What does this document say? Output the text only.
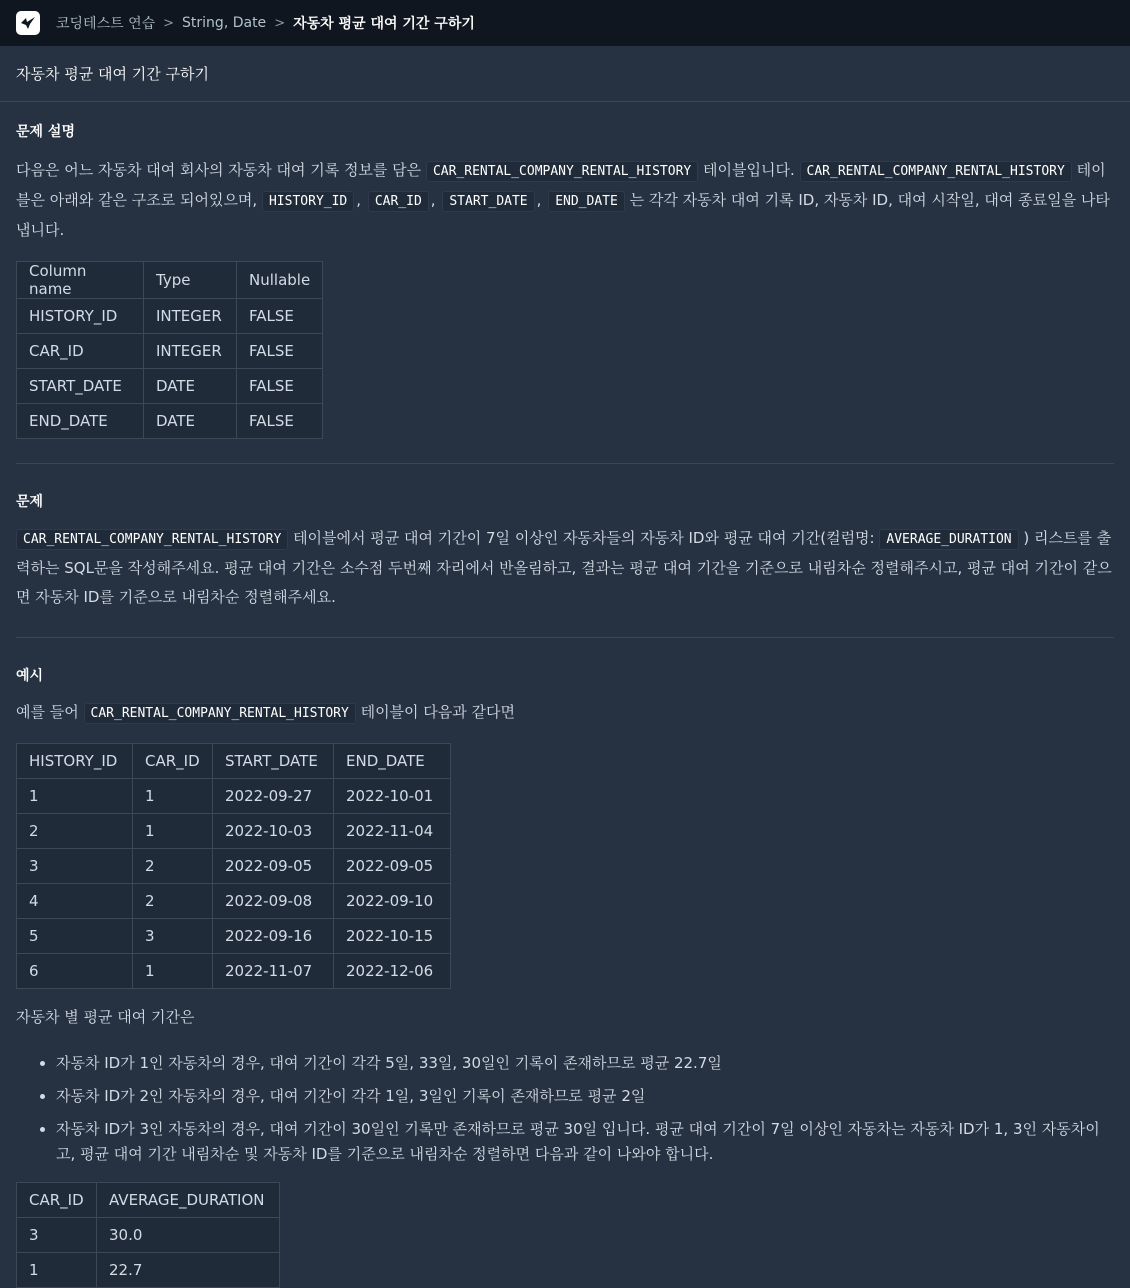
코딩테스트 연습 > String, Date > 자동차 평균 대여 기간 구하기
자동차 평균 대여 기간 구하기
문제 설명

다음은 어느 자동차 대여 회사의 자동차 대여 기록 정보를 담은 CAR_RENTAL_COMPANY_RENTAL_HISTORY 테이블입니다. CAR_RENTAL_COMPANY_RENTAL_HISTORY 테이블은 아래와 같은 구조로 되어있으며, HISTORY_ID , CAR_ID , START_DATE , END_DATE 는 각각 자동차 대여 기록 ID, 자동차 ID, 대여 시작일, 대여 종료일을 나타냅니다.

Column name	Type	Nullable
HISTORY_ID	INTEGER	FALSE
CAR_ID	INTEGER	FALSE
START_DATE	DATE	FALSE
END_DATE	DATE	FALSE
문제

CAR_RENTAL_COMPANY_RENTAL_HISTORY 테이블에서 평균 대여 기간이 7일 이상인 자동차들의 자동차 ID와 평균 대여 기간(컬럼명: AVERAGE_DURATION ) 리스트를 출력하는 SQL문을 작성해주세요. 평균 대여 기간은 소수점 두번째 자리에서 반올림하고, 결과는 평균 대여 기간을 기준으로 내림차순 정렬해주시고, 평균 대여 기간이 같으면 자동차 ID를 기준으로 내림차순 정렬해주세요.

예시

예를 들어 CAR_RENTAL_COMPANY_RENTAL_HISTORY 테이블이 다음과 같다면

HISTORY_ID	CAR_ID	START_DATE	END_DATE
1	1	2022-09-27	2022-10-01
2	1	2022-10-03	2022-11-04
3	2	2022-09-05	2022-09-05
4	2	2022-09-08	2022-09-10
5	3	2022-09-16	2022-10-15
6	1	2022-11-07	2022-12-06

자동차 별 평균 대여 기간은

• 자동차 ID가 1인 자동차의 경우, 대여 기간이 각각 5일, 33일, 30일인 기록이 존재하므로 평균 22.7일
• 자동차 ID가 2인 자동차의 경우, 대여 기간이 각각 1일, 3일인 기록이 존재하므로 평균 2일
• 자동차 ID가 3인 자동차의 경우, 대여 기간이 30일인 기록만 존재하므로 평균 30일 입니다. 평균 대여 기간이 7일 이상인 자동차는 자동차 ID가 1, 3인 자동차이고, 평균 대여 기간 내림차순 및 자동차 ID를 기준으로 내림차순 정렬하면 다음과 같이 나와야 합니다.
CAR_ID	AVERAGE_DURATION
3	30.0
1	22.7
